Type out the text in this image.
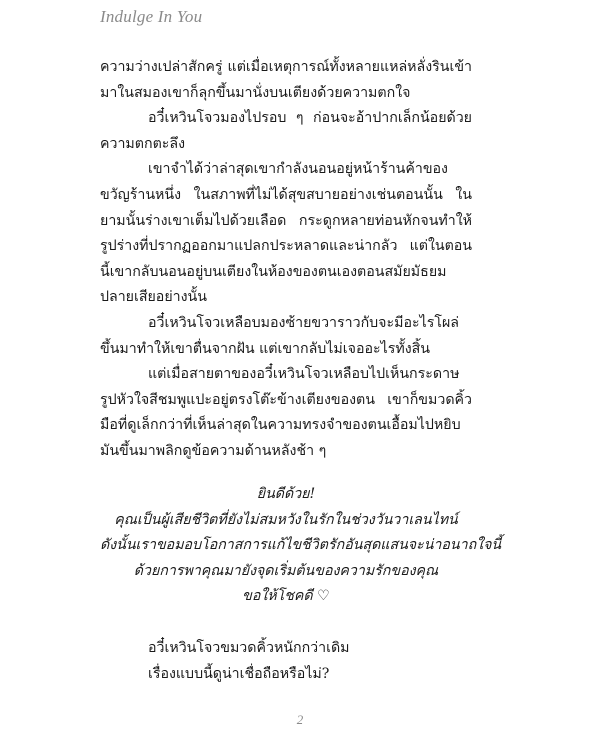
Indulge In You

ความว่างเปล่าสักครู่ แต่เมื่อเหตุการณ์ทั้งหลายแหล่หลั่งรินเข้ามาในสมองเขาก็ลุกขึ้นมานั่งบนเตียงด้วยความตกใจ

อวี๋เหวินโจวมองไปรอบ ๆ ก่อนจะอ้าปากเล็กน้อยด้วยความตกตะลึง

เขาจำได้ว่าล่าสุดเขากำลังนอนอยู่หน้าร้านค้าของขวัญร้านหนึ่ง ในสภาพที่ไม่ได้สุขสบายอย่างเช่นตอนนั้น ในยามนั้นร่างเขาเต็มไปด้วยเลือด กระดูกหลายท่อนหักจนทำให้รูปร่างที่ปรากฏออกมาแปลกประหลาดและน่ากลัว แต่ในตอนนี้เขากลับนอนอยู่บนเตียงในห้องของตนเองตอนสมัยมัธยมปลายเสียอย่างนั้น

อวี๋เหวินโจวเหลือบมองซ้ายขวาราวกับจะมีอะไรโผล่ขึ้นมาทำให้เขาตื่นจากฝัน แต่เขากลับไม่เจออะไรทั้งสิ้น

แต่เมื่อสายตาของอวี๋เหวินโจวเหลือบไปเห็นกระดาษรูปหัวใจสีชมพูแปะอยู่ตรงโต๊ะข้างเตียงของตน เขาก็ขมวดคิ้ว มือที่ดูเล็กกว่าที่เห็นล่าสุดในความทรงจำของตนเอื้อมไปหยิบมันขึ้นมาพลิกดูข้อความด้านหลังช้า ๆ

ยินดีด้วย!
คุณเป็นผู้เสียชีวิตที่ยังไม่สมหวังในรักในช่วงวันวาเลนไทน์
ดังนั้นเราขอมอบโอกาสการแก้ไขชีวิตรักอันสุดแสนจะน่าอนาถใจนี้
ด้วยการพาคุณมายังจุดเริ่มต้นของความรักของคุณ
ขอให้โชคดี ♡

อวี๋เหวินโจวขมวดคิ้วหนักกว่าเดิม

เรื่องแบบนี้ดูน่าเชื่อถือหรือไม่?

2
